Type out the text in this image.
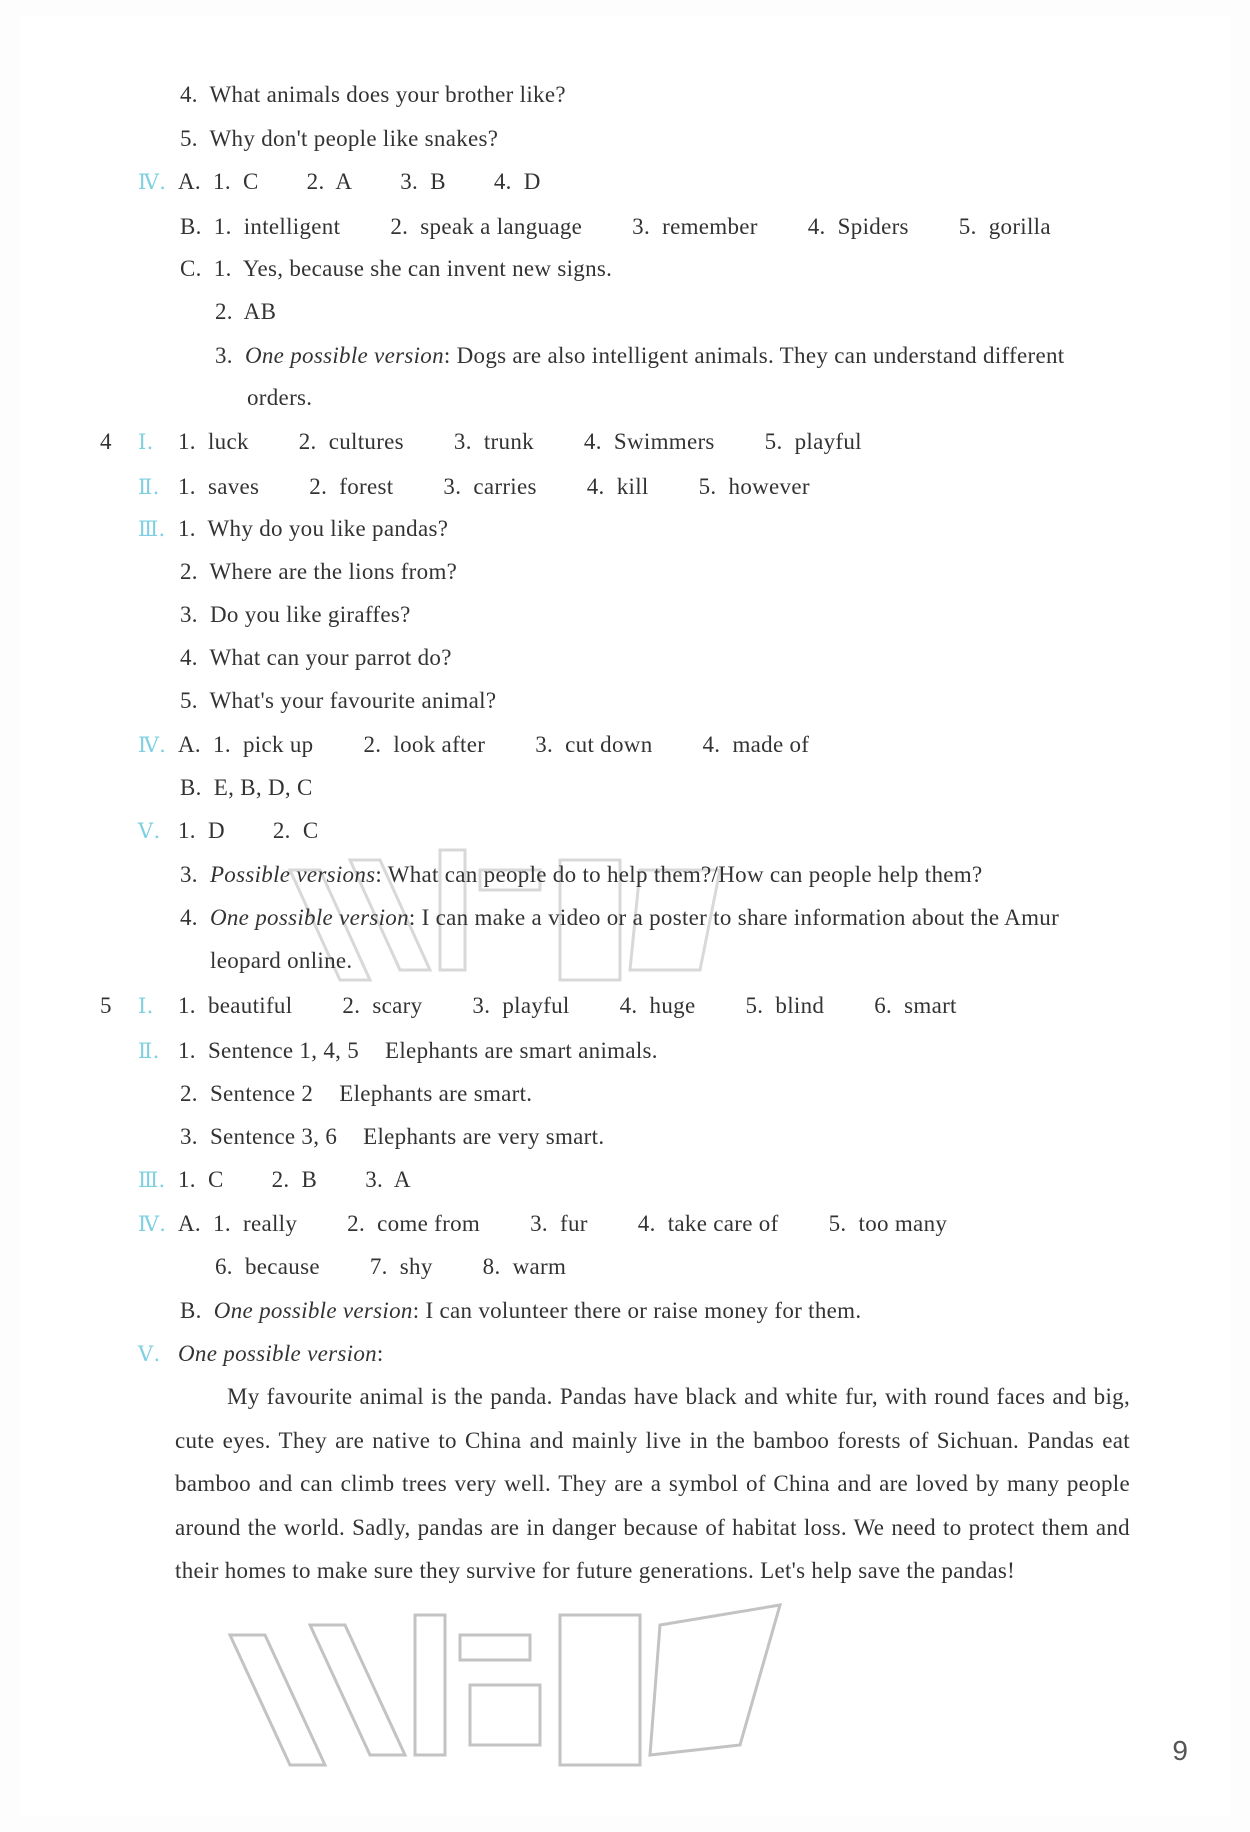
My favourite animal is the panda. Pandas have black and white fur, with round faces and big, cute eyes. They are native to China and mainly live in the bamboo forests of Sichuan. Pandas eat bamboo and can climb trees very well. They are a symbol of China and are loved by many people around the world. Sadly, pandas are in danger because of habitat loss. We need to protect them and their homes to make sure they survive for future generations. Let's help save the pandas!
9
4.  What animals does your brother like?
5.  Why don't people like snakes?
Ⅳ. A.  1.  C 2.  A 3.  B 4.  D
B.  1.  intelligent 2.  speak a language 3.  remember 4.  Spiders 5.  gorilla
C.  1.  Yes, because she can invent new signs.
2.  AB
3.  One possible version: Dogs are also intelligent animals. They can understand different
orders.
4 Ⅰ. 1.  luck 2.  cultures 3.  trunk 4.  Swimmers 5.  playful
Ⅱ. 1.  saves 2.  forest 3.  carries 4.  kill 5.  however
Ⅲ. 1.  Why do you like pandas?
2.  Where are the lions from?
3.  Do you like giraffes?
4.  What can your parrot do?
5.  What's your favourite animal?
Ⅳ. A.  1.  pick up 2.  look after 3.  cut down 4.  made of
B.  E, B, D, C
Ⅴ. 1.  D 2.  C
3.  Possible versions: What can people do to help them?/How can people help them?
4.  One possible version: I can make a video or a poster to share information about the Amur
leopard online.
5 Ⅰ. 1.  beautiful 2.  scary 3.  playful 4.  huge 5.  blind 6.  smart
Ⅱ. 1.  Sentence 1, 4, 5 Elephants are smart animals.
2.  Sentence 2 Elephants are smart.
3.  Sentence 3, 6 Elephants are very smart.
Ⅲ. 1.  C 2.  B 3.  A
Ⅳ. A.  1.  really 2.  come from 3.  fur 4.  take care of 5.  too many
6.  because 7.  shy 8.  warm
B.  One possible version: I can volunteer there or raise money for them.
Ⅴ. One possible version:
